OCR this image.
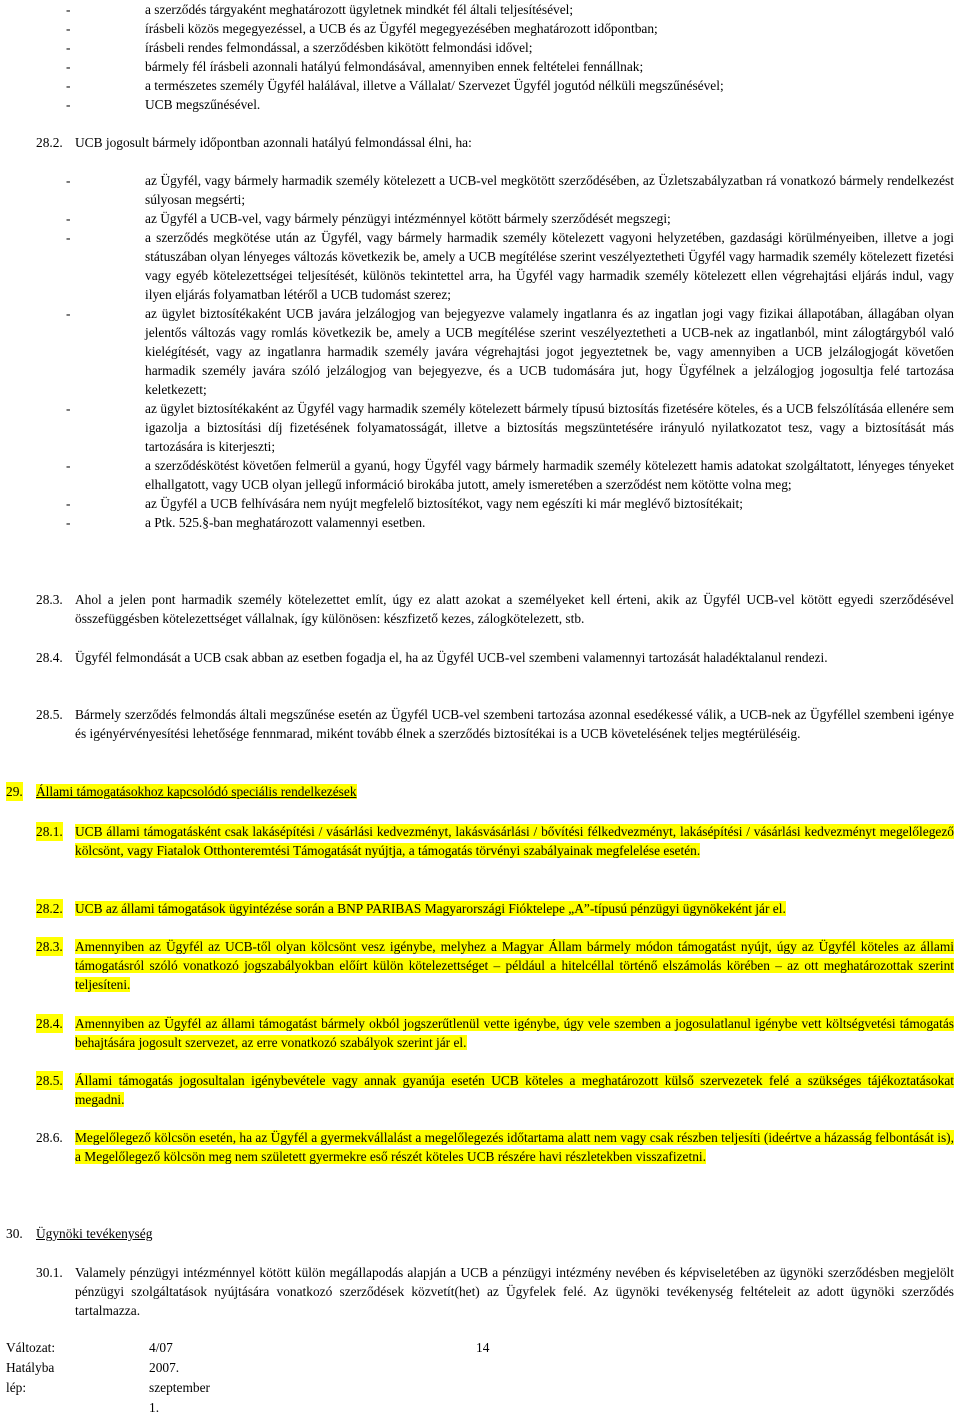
-	a szerződés tárgyaként meghatározott ügyletnek mindkét fél általi teljesítésével;
-	írásbeli közös megegyezéssel, a UCB és az Ügyfél megegyezésében meghatározott időpontban;
-	írásbeli rendes felmondással, a szerződésben kikötött felmondási idővel;
-	bármely fél írásbeli azonnali hatályú felmondásával, amennyiben ennek feltételei fennállnak;
-	a természetes személy Ügyfél halálával, illetve a Vállalat/ Szervezet Ügyfél jogutód nélküli megszűnésével;
-	UCB megszűnésével.
28.2. UCB jogosult bármely időpontban azonnali hatályú felmondással élni, ha:
-	az Ügyfél, vagy bármely harmadik személy kötelezett a UCB-vel megkötött szerződésében, az Üzletszabályzatban rá vonatkozó bármely rendelkezést súlyosan megsérti;
-	az Ügyfél a UCB-vel, vagy bármely pénzügyi intézménnyel kötött bármely szerződését megszegi;
-	a szerződés megkötése után az Ügyfél, vagy bármely harmadik személy kötelezett vagyoni helyzetében, gazdasági körülményeiben, illetve a jogi státuszában olyan lényeges változás következik be, amely a UCB megítélése szerint veszélyeztetheti Ügyfél vagy harmadik személy kötelezett fizetési vagy egyéb kötelezettségei teljesítését, különös tekintettel arra, ha Ügyfél vagy harmadik személy kötelezett ellen végrehajtási eljárás indul, vagy ilyen eljárás folyamatban létéről a UCB tudomást szerez;
-	az ügylet biztosítékaként UCB javára jelzálogjog van bejegyezve valamely ingatlanra és az ingatlan jogi vagy fizikai állapotában, állagában olyan jelentős változás vagy romlás következik be, amely a UCB megítélése szerint veszélyeztetheti a UCB-nek az ingatlanból, mint zálogtárgyból való kielégítését, vagy az ingatlanra harmadik személy javára végrehajtási jogot jegyeztetnek be, vagy amennyiben a UCB jelzálogjogát követően harmadik személy javára szóló jelzálogjog van bejegyezve, és a UCB tudomására jut, hogy Ügyfélnek a jelzálogjog jogosultja felé tartozása keletkezett;
-	az ügylet biztosítékaként az Ügyfél vagy harmadik személy kötelezett bármely típusú biztosítás fizetésére köteles, és a UCB felszólításáa ellenére sem igazolja a biztosítási díj fizetésének folyamatosságát, illetve a biztosítás megszüntetésére irányuló nyilatkozatot tesz, vagy a biztosítását más tartozására is kiterjeszti;
-	a szerződéskötést követően felmerül a gyanú, hogy Ügyfél vagy bármely harmadik személy kötelezett hamis adatokat szolgáltatott, lényeges tényeket elhallgatott, vagy UCB olyan jellegű információ birokába jutott, amely ismeretében a szerződést nem kötötte volna meg;
-	az Ügyfél a UCB felhívására nem nyújt megfelelő biztosítékot, vagy nem egészíti ki már meglévő biztosítékait;
-	a Ptk. 525.§-ban meghatározott valamennyi esetben.
28.3. Ahol a jelen pont harmadik személy kötelezettet említ, úgy ez alatt azokat a személyeket kell érteni, akik az Ügyfél UCB-vel kötött egyedi szerződésével összefüggésben kötelezettséget vállalnak, így különösen: készfizető kezes, zálogkötelezett, stb.
28.4. Ügyfél felmondását a UCB csak abban az esetben fogadja el, ha az Ügyfél UCB-vel szembeni valamennyi tartozását haladéktalanul rendezi.
28.5. Bármely szerződés felmondás általi megszűnése esetén az Ügyfél UCB-vel szembeni tartozása azonnal esedékessé válik, a UCB-nek az Ügyféllel szembeni igénye és igényérvényesítési lehetősége fennmarad, miként tovább élnek a szerződés biztosítékai is a UCB követelésének teljes megtérüléséig.
29. Állami támogatásokhoz kapcsolódó speciális rendelkezések
28.1. UCB állami támogatásként csak lakásépítési / vásárlási kedvezményt, lakásvásárlási / bővítési félkedvezményt, lakásépítési / vásárlási kedvezményt megelőlegező kölcsönt, vagy Fiatalok Otthonteremtési Támogatását nyújtja, a támogatás törvényi szabályainak megfelelése esetén.
28.2. UCB az állami támogatások ügyintézése során a BNP PARIBAS Magyarországi Fióktelepe „A”-típusú pénzügyi ügynökeként jár el.
28.3. Amennyiben az Ügyfél az UCB-től olyan kölcsönt vesz igénybe, melyhez a Magyar Állam bármely módon támogatást nyújt, úgy az Ügyfél köteles az állami támogatásról szóló vonatkozó jogszabályokban előírt külön kötelezettséget – például a hitelcéllal történő elszámolás körében – az ott meghatározottak szerint teljesíteni.
28.4. Amennyiben az Ügyfél az állami támogatást bármely okból jogszerűtlenül vette igénybe, úgy vele szemben a jogosulatlanul igénybe vett költségvetési támogatás behajtására jogosult szervezet, az erre vonatkozó szabályok szerint jár el.
28.5. Állami támogatás jogosultalan igénybevétele vagy annak gyanúja esetén UCB köteles a meghatározott külső szervezetek felé a szükséges tájékoztatásokat megadni.
28.6. Megelőlegező kölcsön esetén, ha az Ügyfél a gyermekvállalást a megelőlegezés időtartama alatt nem vagy csak részben teljesíti (ideértve a házasság felbontását is), a Megelőlegező kölcsön meg nem született gyermekre eső részét köteles UCB részére havi részletekben visszafizetni.
30. Ügynöki tevékenység
30.1. Valamely pénzügyi intézménnyel kötött külön megállapodás alapján a UCB a pénzügyi intézmény nevében és képviseletében az ügynöki szerződésben megjelölt pénzügyi szolgáltatások nyújtására vonatkozó szerződések közvetít(het) az Ügyfelek felé. Az ügynöki tevékenység feltételeit az adott ügynöki szerződés tartalmazza.
Változat:	4/07	14
Hatályba lép:
2007. szeptember 1.
